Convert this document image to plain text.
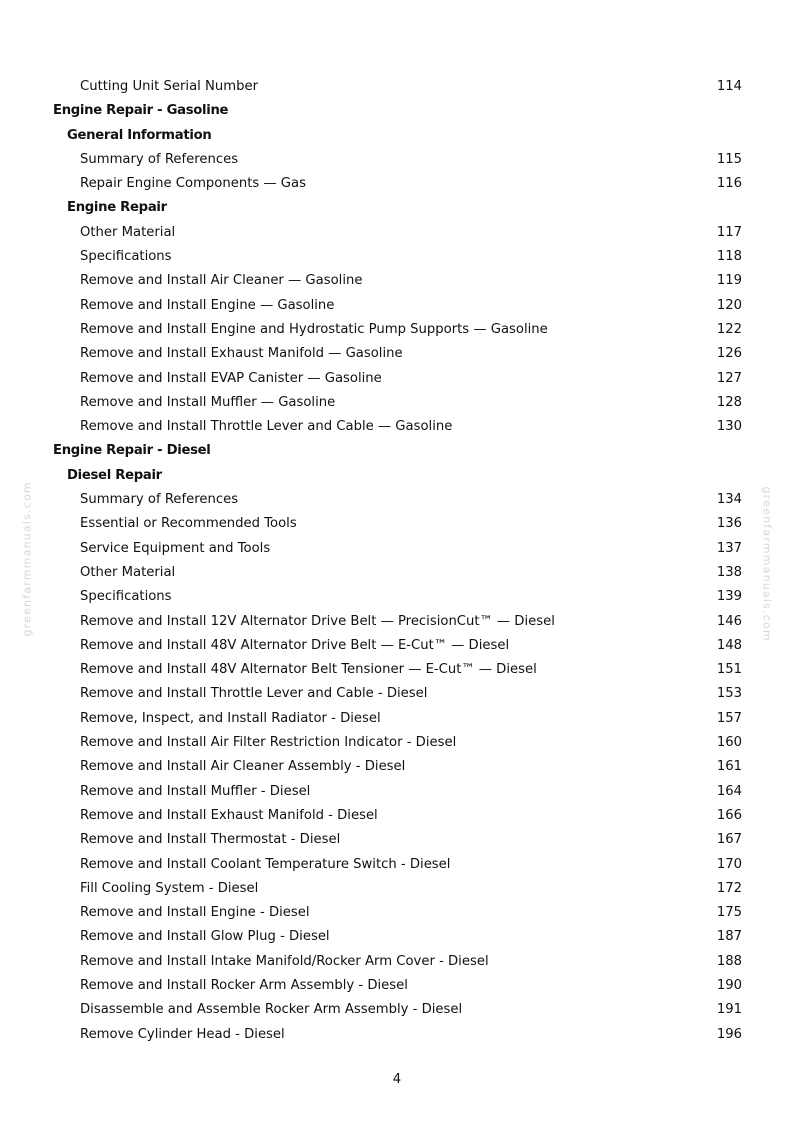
greenfarmmanuals.com	greenfarmmanuals.com
Cutting Unit Serial Number	114
Engine Repair - Gasoline
General Information
Summary of References	115
Repair Engine Components — Gas	116
Engine Repair
Other Material	117
Specifications	118
Remove and Install Air Cleaner — Gasoline	119
Remove and Install Engine — Gasoline	120
Remove and Install Engine and Hydrostatic Pump Supports — Gasoline	122
Remove and Install Exhaust Manifold — Gasoline	126
Remove and Install EVAP Canister — Gasoline	127
Remove and Install Muffler — Gasoline	128
Remove and Install Throttle Lever and Cable — Gasoline	130
Engine Repair - Diesel
Diesel Repair
Summary of References	134
Essential or Recommended Tools	136
Service Equipment and Tools	137
Other Material	138
Specifications	139
Remove and Install 12V Alternator Drive Belt — PrecisionCut™ — Diesel	146
Remove and Install 48V Alternator Drive Belt — E-Cut™ — Diesel	148
Remove and Install 48V Alternator Belt Tensioner — E-Cut™ — Diesel	151
Remove and Install Throttle Lever and Cable - Diesel	153
Remove, Inspect, and Install Radiator - Diesel	157
Remove and Install Air Filter Restriction Indicator - Diesel	160
Remove and Install Air Cleaner Assembly - Diesel	161
Remove and Install Muffler - Diesel	164
Remove and Install Exhaust Manifold - Diesel	166
Remove and Install Thermostat - Diesel	167
Remove and Install Coolant Temperature Switch - Diesel	170
Fill Cooling System - Diesel	172
Remove and Install Engine - Diesel	175
Remove and Install Glow Plug - Diesel	187
Remove and Install Intake Manifold/Rocker Arm Cover - Diesel	188
Remove and Install Rocker Arm Assembly - Diesel	190
Disassemble and Assemble Rocker Arm Assembly - Diesel	191
Remove Cylinder Head - Diesel	196
4
